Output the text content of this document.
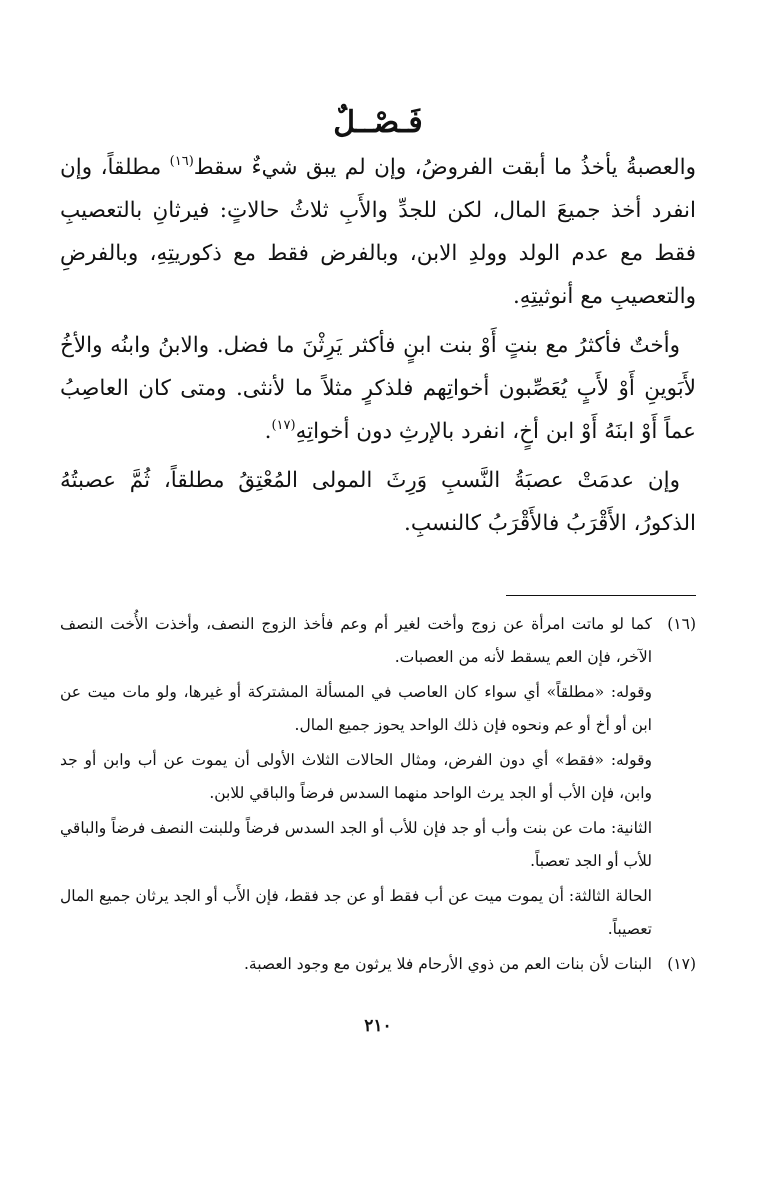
فَـصْــلٌ

والعصبةُ يأخذُ ما أبقت الفروضُ، وإن لم يبق شيءٌ سقط$^{(١٦)}$ مطلقاً، وإن انفرد أخذ جميعَ المال، لكن للجدِّ والأَبِ ثلاثُ حالاتٍ: فيرثانِ بالتعصيبِ فقط مع عدم الولد وولدِ الابن، وبالفرض فقط مع ذكوريتِهِ، وبالفرضِ والتعصيبِ مع أنوثيتِهِ.

وأختٌ فأكثرُ مع بنتٍ أَوْ بنت ابنٍ فأكثر يَرِثْنَ ما فضل. والابنُ وابنُه والأخُ لأَبَوينِ أَوْ لأَبٍ يُعَصِّبون أخواتِهم فلذكرٍ مثلاً ما لأنثى. ومتى كان العاصِبُ عماً أَوْ ابنَهُ أَوْ ابن أخٍ، انفرد بالإرثِ دون أخواتِهِ$^{(١٧)}$.

وإن عدمَتْ عصبَةُ النَّسبِ وَرِثَ المولى المُعْتِقُ مطلقاً، ثُمَّ عصبتُهُ الذكورُ، الأَقْرَبُ فالأَقْرَبُ كالنسبِ.

(١٦)
كما لو ماتت امرأة عن زوج وأخت لغير أم وعم فأخذ الزوج النصف، وأخذت الأُخت النصف الآخر، فإن العم يسقط لأنه من العصبات.
وقوله: «مطلقاً» أي سواء كان العاصب في المسألة المشتركة أو غيرها، ولو مات ميت عن ابن أو أخ أو عم ونحوه فإن ذلك الواحد يحوز جميع المال.
وقوله: «فقط» أي دون الفرض، ومثال الحالات الثلاث الأولى أن يموت عن أب وابن أو جد وابن، فإن الأب أو الجد يرث الواحد منهما السدس فرضاً والباقي للابن.
الثانية: مات عن بنت وأب أو جد فإن للأب أو الجد السدس فرضاً وللبنت النصف فرضاً والباقي للأب أو الجد تعصباً.
الحالة الثالثة: أن يموت ميت عن أب فقط أو عن جد فقط، فإن الأَب أو الجد يرثان جميع المال تعصيباً.
(١٧)
البنات لأن بنات العم من ذوي الأرحام فلا يرثون مع وجود العصبة.
٢١٠
